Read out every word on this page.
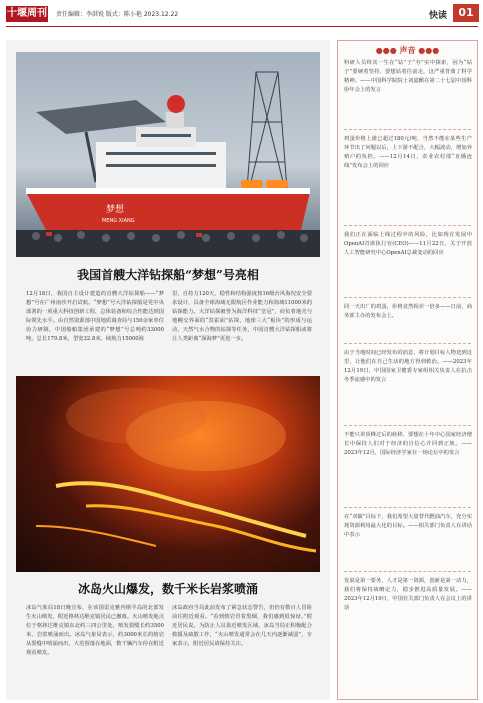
十堰周刊 责任编辑：李洪锐 版式：陈小艳 2023.12.22	快读	01
梦想
MENG XIANG
我国首艘大洋钻探船“梦想”号亮相
12月18日，我国自主设计建造的首艘大洋钻探船——“梦想”号在广州南沙开启试航。“梦想”号大洋钻探船是党中央部署的一项重大科技创新工程，总体装备和综合性能达到国际领先水平。由自然资源部中国地质调查局与150余家单位协力研制，中国船舶集团承建的“梦想”号总吨约33000吨，总长179.8米，型宽32.8米，续航力15000海
里，自持力120天，稳性和结构强度按16级台风海况安全要求设计，具备全球海域无限航区作业能力和海域11000米的钻探能力。大洋钻探被誉为海洋科技“皇冠”，肩负着地壳与地幔交界面的“莫霍面”钻探，地球三大“板块”的形成与运动，天然气水合物的钻探等任务，中国首艘大洋钻探船或将让人类距离“深海梦”更进一步。
冰岛火山爆发，数千米长岩浆喷涌
冰岛气象局18日晚宣布，在该国雷克雅内斯半岛的北部发生火山喷发，附近格林达维克镇居民已撤离。火山喷发地点位于格林达维克镇东北约三四公里处，喷发裂缝长约3500米，岩浆喷涌而出。冰岛气象局表示，约3000米长的熔岩从裂缝中喷涌而出，大范围落在地面，数千辆汽车停在附近观看喷发。
冰岛政府当局此前发布了紧急状态警告，但仍有数百人冒险前往附近观看。“看到熔岩冒着黑烟，我们感到很惊讶。”附近居民说。为防止人员靠近喷发区域，冰岛当局正积极配合救援及疏散工作，“火山喷发通常会在几天内逐渐减弱”，专家表示，附近居民请保持关注。
●●● 声音 ●●●
科研人员终其一生在“钻”子“夯”实中探索，因为“钻子”要硬着坚持、要想钻着往前走，这严重背离了科学精神。——中国科学院院士刘嘉麒在第二十七届中国科协年会上的发言
鸡蛋价格上涨已超过180元/吨，当然不能在某些生产环节出了问题以后，上下游不配合，大幅波动，增加养殖户的负担。——12月14日，农业农村部“直播连线”发布会上的回应
我们正在面临上线过程中的风险，比如现在发展中OpenAI首席执行官(CEO)——11月22日，关于开放人工智能研究中心OpenAI总裁变动的回应
同一天出厂的鸡蛋，价格竟然相差一倍多——日前，商务部主办的发布会上。
由于当地时间已经发布的消息，将计划目标人物送到这里，让他们在自己生活的地方得到救治。——2023年12月19日，中国国家卫健委专家组相关负责人在抗击冬季流感中的发言
不能只讲顶峰过后的转移，要想在十年中心国家经济增长中保持人们对于经济的自信心并回到正轨。——2023年12月，国际经济学家在一场论坛中的发言
在“双碳”目标下，我们希望大量替代燃油汽车，充分实现资源利用最大化的目标。——相关部门负责人在讲话中表示
发展是第一要务，人才是第一资源，创新是第一动力，我们将保持战略定力，稳步推进高质量发展。——2023年12月19日，中国有关部门负责人在会议上的讲话
